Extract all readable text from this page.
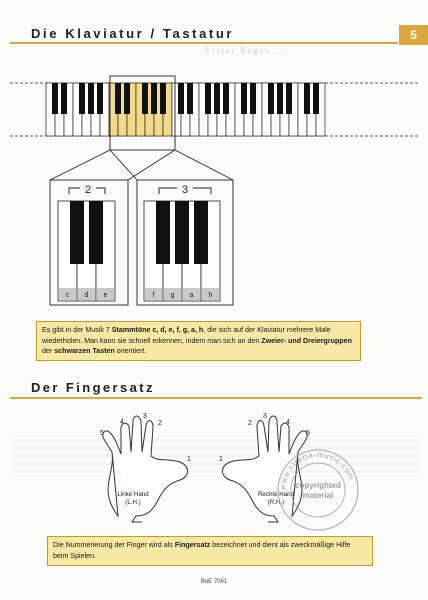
Erster Bogen ....
Die Klaviatur / Tastatur	5
2
c d e
3
f g a h
Es gibt in der Musik 7 Stammtöne c, d, e, f, g, a, h, die sich auf der Klaviatur mehrere Male wiederholen. Man kann sie schnell erkennen, indem man sich an den Zweier- und Dreiergruppen der schwarzen Tasten orientiert.
Der Fingersatz
5
4
3
2
1
Linke Hand
(L.H.)
1
2
3
4
5
Rechte Hand
(R.H.)
www.stretta-music.com
copyrighted
material
Die Nummerierung der Finger wird als Fingersatz bezeichnet und dient als zweckmäßige Hilfe beim Spielen.
BoE 7061
